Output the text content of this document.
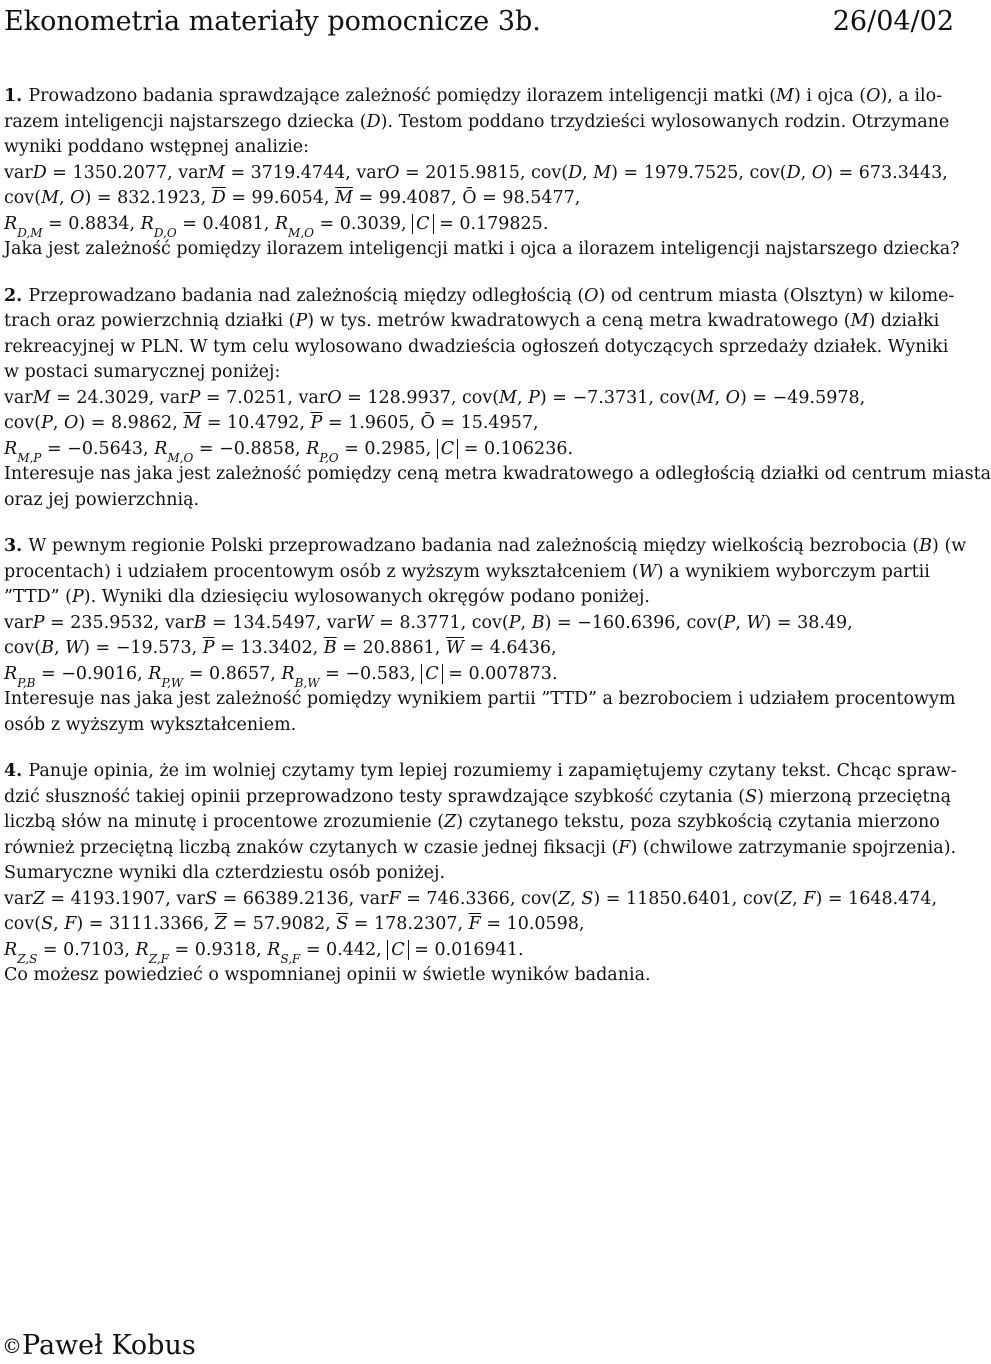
Ekonometria materiały pomocnicze 3b.	26/04/02
1. Prowadzono badania sprawdzające zależność pomiędzy ilorazem inteligencji matki (M) i ojca (O), a ilo-
razem inteligencji najstarszego dziecka (D). Testom poddano trzydzieści wylosowanych rodzin. Otrzymane
wyniki poddano wstępnej analizie:
varD = 1350.2077, varM = 3719.4744, varO = 2015.9815, cov(D, M) = 1979.7525, cov(D, O) = 673.3443,
cov(M, O) = 832.1923, $\overline{D} = 99.6054$, $\overline{M} = 99.4087$, Ō = 98.5477,
$R_{D,M} = 0.8834$, $R_{D,O} = 0.4081$, $R_{M,O} = 0.3039$, C = 0.179825.
Jaka jest zależność pomiędzy ilorazem inteligencji matki i ojca a ilorazem inteligencji najstarszego dziecka?
2. Przeprowadzano badania nad zależnością między odległością (O) od centrum miasta (Olsztyn) w kilome-
trach oraz powierzchnią działki (P) w tys. metrów kwadratowych a ceną metra kwadratowego (M) działki
rekreacyjnej w PLN. W tym celu wylosowano dwadzieścia ogłoszeń dotyczących sprzedaży działek. Wyniki
w postaci sumarycznej poniżej:
varM = 24.3029, varP = 7.0251, varO = 128.9937, cov(M, P) = −7.3731, cov(M, O) = −49.5978,
cov(P, O) = 8.9862, $\overline{M} = 10.4792$, $\overline{P} = 1.9605$, Ō = 15.4957,
$R_{M,P} = -0.5643$, $R_{M,O} = -0.8858$, $R_{P,O} = 0.2985$, C = 0.106236.
Interesuje nas jaka jest zależność pomiędzy ceną metra kwadratowego a odległością działki od centrum miasta
oraz jej powierzchnią.
3. W pewnym regionie Polski przeprowadzano badania nad zależnością między wielkością bezrobocia (B) (w
procentach) i udziałem procentowym osób z wyższym wykształceniem (W) a wynikiem wyborczym partii
”TTD” (P). Wyniki dla dziesięciu wylosowanych okręgów podano poniżej.
varP = 235.9532, varB = 134.5497, varW = 8.3771, cov(P, B) = −160.6396, cov(P, W) = 38.49,
cov(B, W) = −19.573, $\overline{P} = 13.3402$, $\overline{B} = 20.8861$, $\overline{W} = 4.6436$,
$R_{P,B} = -0.9016$, $R_{P,W} = 0.8657$, $R_{B,W} = -0.583$, C = 0.007873.
Interesuje nas jaka jest zależność pomiędzy wynikiem partii ”TTD” a bezrobociem i udziałem procentowym
osób z wyższym wykształceniem.
4. Panuje opinia, że im wolniej czytamy tym lepiej rozumiemy i zapamiętujemy czytany tekst. Chcąc spraw-
dzić słuszność takiej opinii przeprowadzono testy sprawdzające szybkość czytania (S) mierzoną przeciętną
liczbą słów na minutę i procentowe zrozumienie (Z) czytanego tekstu, poza szybkością czytania mierzono
również przeciętną liczbą znaków czytanych w czasie jednej fiksacji (F) (chwilowe zatrzymanie spojrzenia).
Sumaryczne wyniki dla czterdziestu osób poniżej.
varZ = 4193.1907, varS = 66389.2136, varF = 746.3366, cov(Z, S) = 11850.6401, cov(Z, F) = 1648.474,
cov(S, F) = 3111.3366, $\overline{Z} = 57.9082$, $\overline{S} = 178.2307$, $\overline{F} = 10.0598$,
$R_{Z,S} = 0.7103$, $R_{Z,F} = 0.9318$, $R_{S,F} = 0.442$, C = 0.016941.
Co możesz powiedzieć o wspomnianej opinii w świetle wyników badania.
©Paweł Kobus
